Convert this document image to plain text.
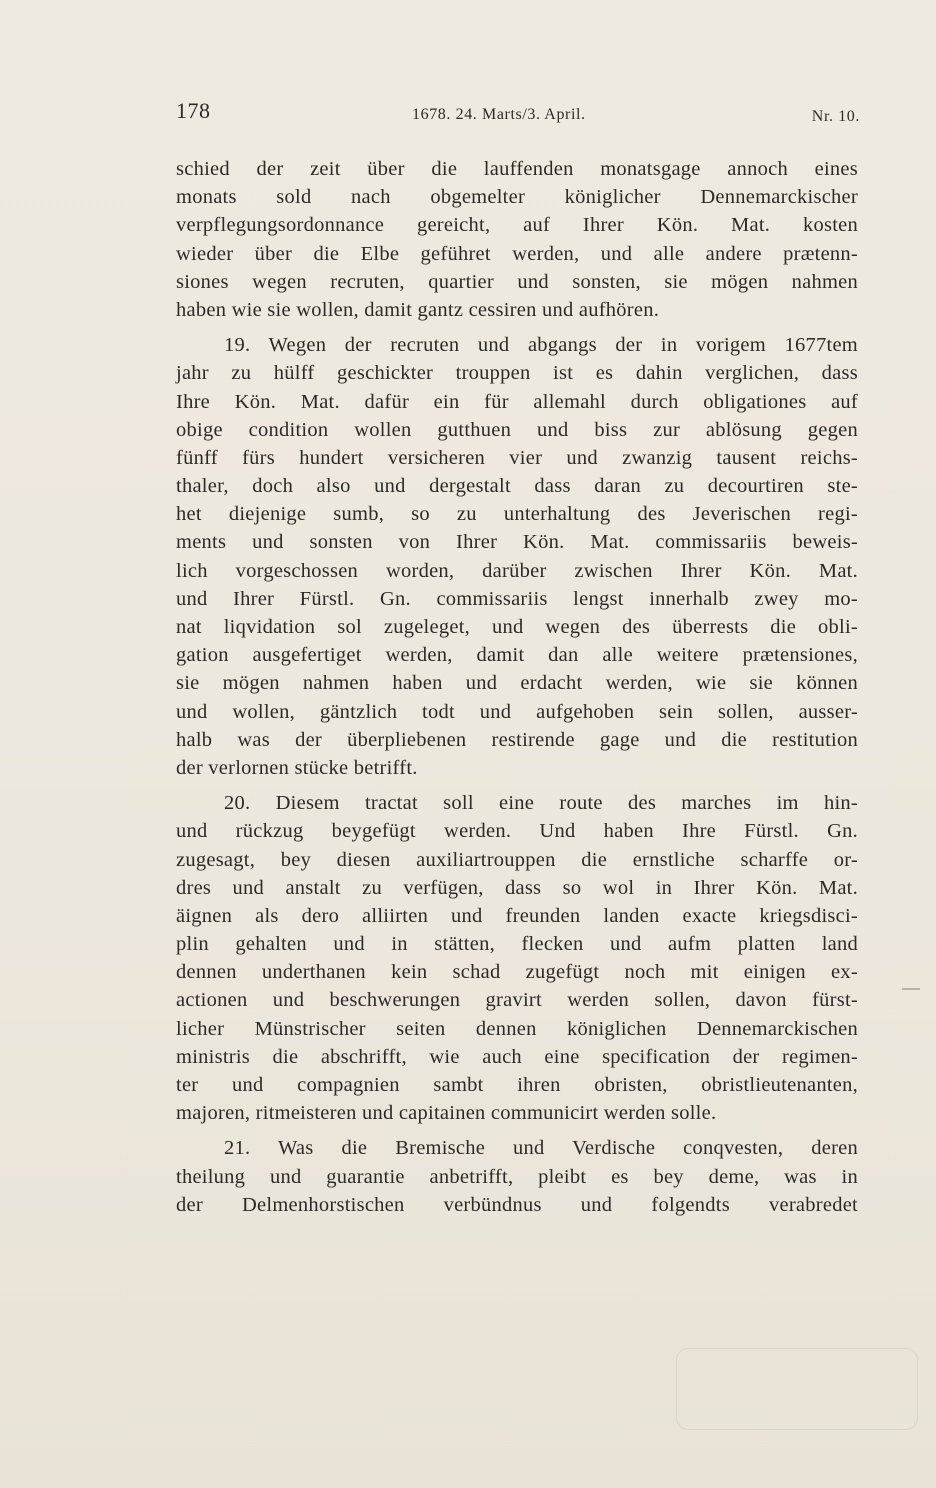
178	1678. 24. Marts/3. April.	Nr. 10.
schied der zeit über die lauffenden monatsgage annoch eines
monats sold nach obgemelter königlicher Dennemarckischer
verpflegungsordonnance gereicht, auf Ihrer Kön. Mat. kosten
wieder über die Elbe geführet werden, und alle andere prætenn-
siones wegen recruten, quartier und sonsten, sie mögen nahmen
haben wie sie wollen, damit gantz cessiren und aufhören.
19. Wegen der recruten und abgangs der in vorigem 1677tem
jahr zu hülff geschickter trouppen ist es dahin verglichen, dass
Ihre Kön. Mat. dafür ein für allemahl durch obligationes auf
obige condition wollen gutthuen und biss zur ablösung gegen
fünff fürs hundert versicheren vier und zwanzig tausent reichs-
thaler, doch also und dergestalt dass daran zu decourtiren ste-
het diejenige sumb, so zu unterhaltung des Jeverischen regi-
ments und sonsten von Ihrer Kön. Mat. commissariis beweis-
lich vorgeschossen worden, darüber zwischen Ihrer Kön. Mat.
und Ihrer Fürstl. Gn. commissariis lengst innerhalb zwey mo-
nat liqvidation sol zugeleget, und wegen des überrests die obli-
gation ausgefertiget werden, damit dan alle weitere prætensiones,
sie mögen nahmen haben und erdacht werden, wie sie können
und wollen, gäntzlich todt und aufgehoben sein sollen, ausser-
halb was der überpliebenen restirende gage und die restitution
der verlornen stücke betrifft.
20. Diesem tractat soll eine route des marches im hin-
und rückzug beygefügt werden. Und haben Ihre Fürstl. Gn.
zugesagt, bey diesen auxiliartrouppen die ernstliche scharffe or-
dres und anstalt zu verfügen, dass so wol in Ihrer Kön. Mat.
äignen als dero alliirten und freunden landen exacte kriegsdisci-
plin gehalten und in stätten, flecken und aufm platten land
dennen underthanen kein schad zugefügt noch mit einigen ex-
actionen und beschwerungen gravirt werden sollen, davon fürst-
licher Münstrischer seiten dennen königlichen Dennemarckischen
ministris die abschrifft, wie auch eine specification der regimen-
ter und compagnien sambt ihren obristen, obristlieutenanten,
majoren, ritmeisteren und capitainen communicirt werden solle.
21. Was die Bremische und Verdische conqvesten, deren
theilung und guarantie anbetrifft, pleibt es bey deme, was in
der Delmenhorstischen verbündnus und folgendts verabredet
